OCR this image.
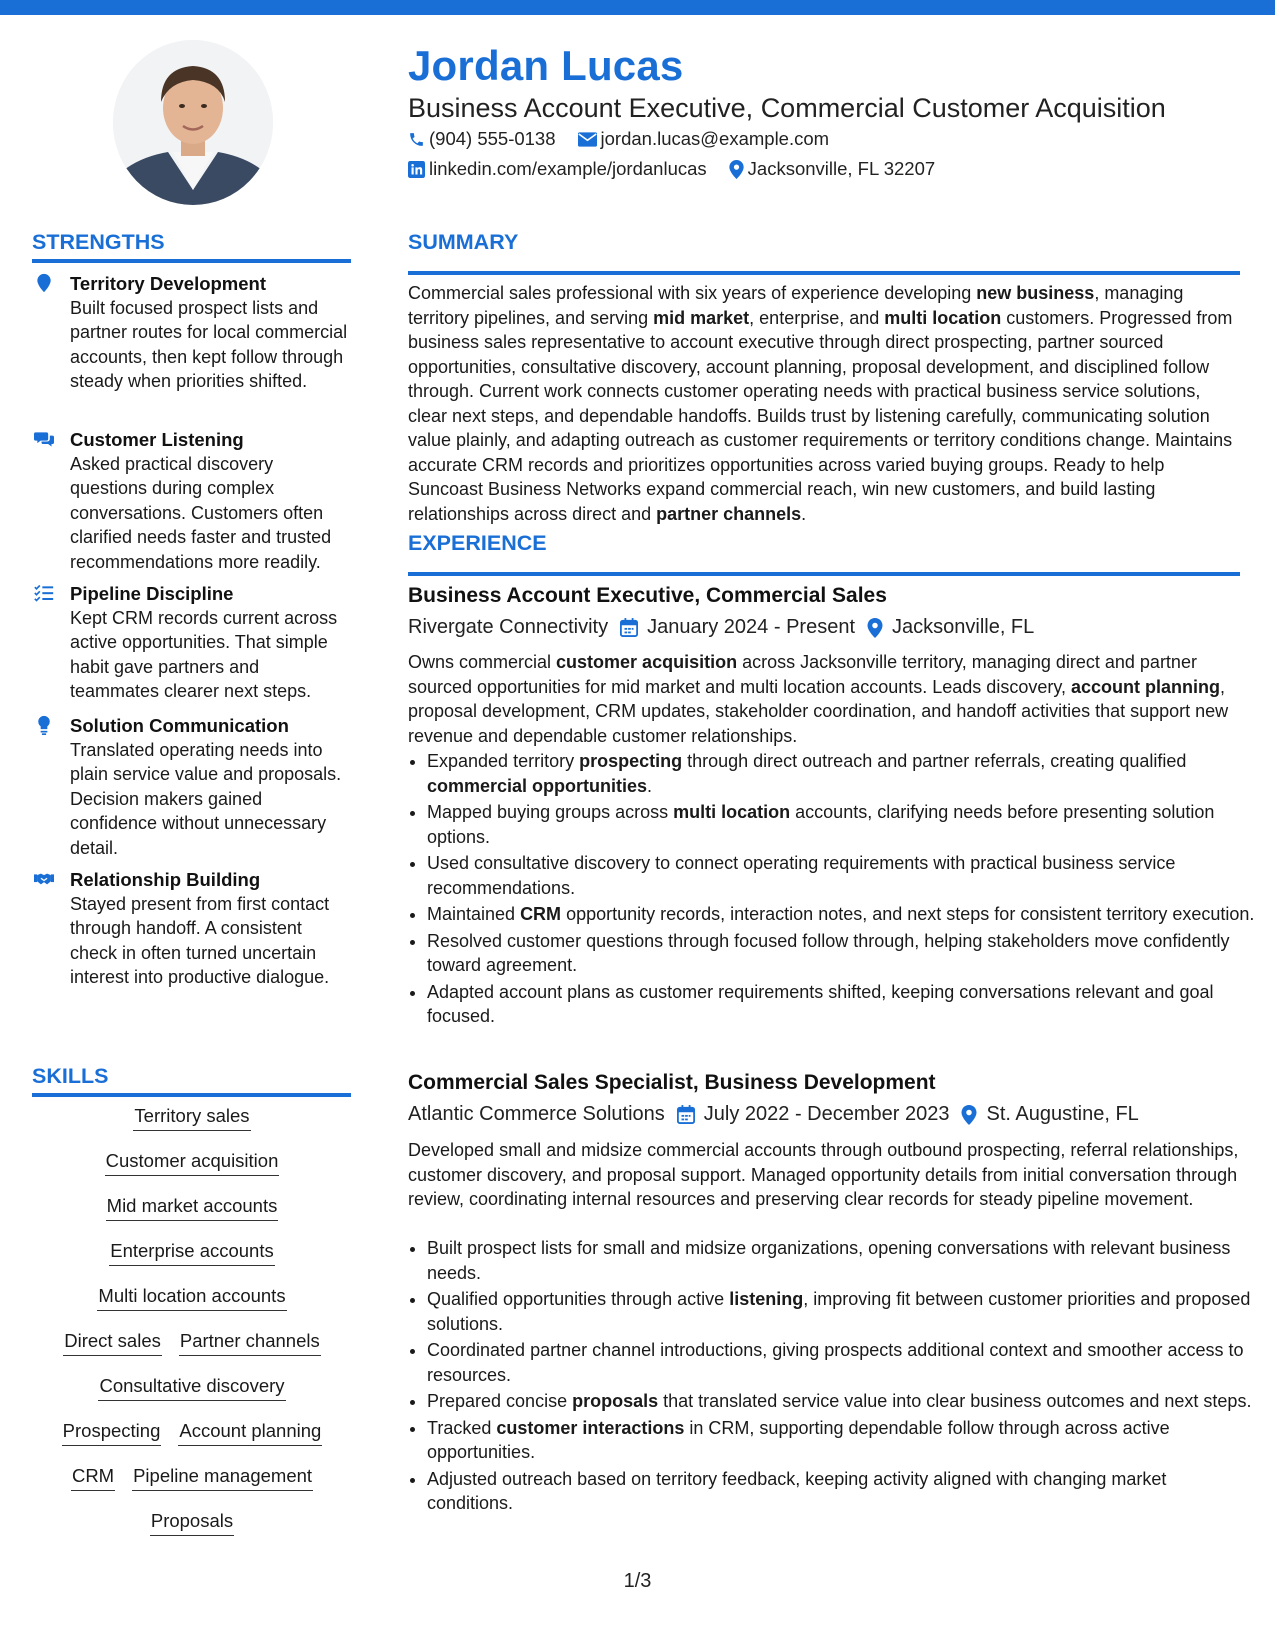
Jordan Lucas
Business Account Executive, Commercial Customer Acquisition
(904) 555-0138 jordan.lucas@example.com
linkedin.com/example/jordanlucas Jacksonville, FL 32207
STRENGTHS
Territory Development
Built focused prospect lists and partner routes for local commercial accounts, then kept follow through steady when priorities shifted.
Customer Listening
Asked practical discovery questions during complex conversations. Customers often clarified needs faster and trusted recommendations more readily.
Pipeline Discipline
Kept CRM records current across active opportunities. That simple habit gave partners and teammates clearer next steps.
Solution Communication
Translated operating needs into plain service value and proposals. Decision makers gained confidence without unnecessary detail.
Relationship Building
Stayed present from first contact through handoff. A consistent check in often turned uncertain interest into productive dialogue.
SKILLS
Territory sales
Customer acquisition
Mid market accounts
Enterprise accounts
Multi location accounts
Direct sales Partner channels
Consultative discovery
Prospecting Account planning
CRM Pipeline management
Proposals
SUMMARY
Commercial sales professional with six years of experience developing new business, managing territory pipelines, and serving mid market, enterprise, and multi location customers. Progressed from business sales representative to account executive through direct prospecting, partner sourced opportunities, consultative discovery, account planning, proposal development, and disciplined follow through. Current work connects customer operating needs with practical business service solutions, clear next steps, and dependable handoffs. Builds trust by listening carefully, communicating solution value plainly, and adapting outreach as customer requirements or territory conditions change. Maintains accurate CRM records and prioritizes opportunities across varied buying groups. Ready to help Suncoast Business Networks expand commercial reach, win new customers, and build lasting relationships across direct and partner channels.
EXPERIENCE
Business Account Executive, Commercial Sales
Rivergate Connectivity January 2024 - Present Jacksonville, FL
Owns commercial customer acquisition across Jacksonville territory, managing direct and partner sourced opportunities for mid market and multi location accounts. Leads discovery, account planning, proposal development, CRM updates, stakeholder coordination, and handoff activities that support new revenue and dependable customer relationships.
• Expanded territory prospecting through direct outreach and partner referrals, creating qualified commercial opportunities.
• Mapped buying groups across multi location accounts, clarifying needs before presenting solution options.
• Used consultative discovery to connect operating requirements with practical business service recommendations.
• Maintained CRM opportunity records, interaction notes, and next steps for consistent territory execution.
• Resolved customer questions through focused follow through, helping stakeholders move confidently toward agreement.
• Adapted account plans as customer requirements shifted, keeping conversations relevant and goal focused.
Commercial Sales Specialist, Business Development
Atlantic Commerce Solutions July 2022 - December 2023 St. Augustine, FL
Developed small and midsize commercial accounts through outbound prospecting, referral relationships, customer discovery, and proposal support. Managed opportunity details from initial conversation through review, coordinating internal resources and preserving clear records for steady pipeline movement.
• Built prospect lists for small and midsize organizations, opening conversations with relevant business needs.
• Qualified opportunities through active listening, improving fit between customer priorities and proposed solutions.
• Coordinated partner channel introductions, giving prospects additional context and smoother access to resources.
• Prepared concise proposals that translated service value into clear business outcomes and next steps.
• Tracked customer interactions in CRM, supporting dependable follow through across active opportunities.
• Adjusted outreach based on territory feedback, keeping activity aligned with changing market conditions.
1/3
